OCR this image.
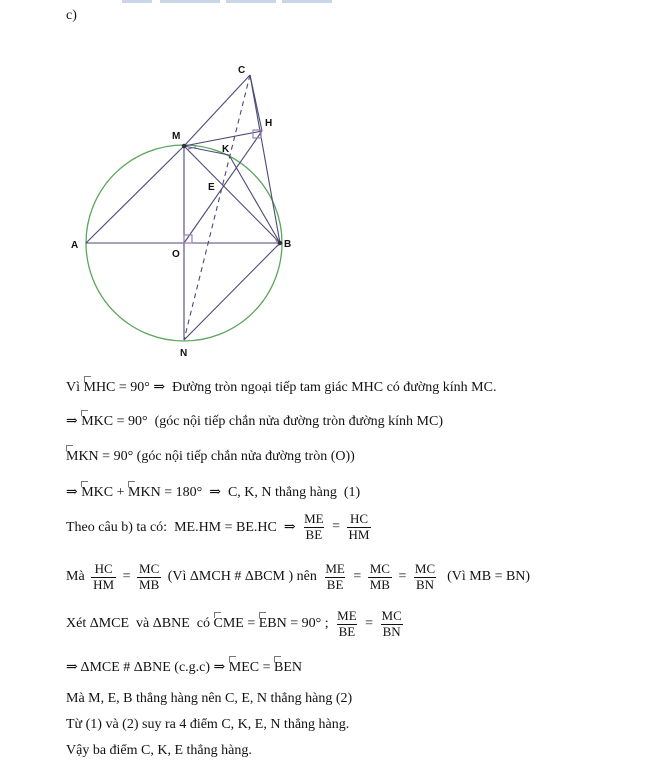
c)
C
H
M
K
E
A
O
B
N
Vì MHC = 90° ⇒  Đường tròn ngoại tiếp tam giác MHC có đường kính MC.
⇒ MKC = 90°  (góc nội tiếp chắn nửa đường tròn đường kính MC)
MKN = 90° (góc nội tiếp chắn nửa đường tròn (O))
⇒ MKC + MKN = 180°  ⇒  C, K, N thẳng hàng  (1)
Theo câu b) ta có:  ME.HM = BE.HC  ⇒ $\frac{ME}{BE} = \frac{HC}{HM}$
Mà $\frac{HC}{HM} = \frac{MC}{MB}$ (Vì ΔMCH # ΔBCM ) nên $\frac{ME}{BE} = \frac{MC}{MB} = \frac{MC}{BN}$ (Vì MB = BN)
Xét ΔMCE  và ΔBNE  có CME = EBN = 90° ; $\frac{ME}{BE} = \frac{MC}{BN}$
⇒ ΔMCE # ΔBNE (c.g.c) ⇒ MEC = BEN
Mà M, E, B thẳng hàng nên C, E, N thẳng hàng (2)
Từ (1) và (2) suy ra 4 điểm C, K, E, N thẳng hàng.
Vậy ba điểm C, K, E thẳng hàng.
